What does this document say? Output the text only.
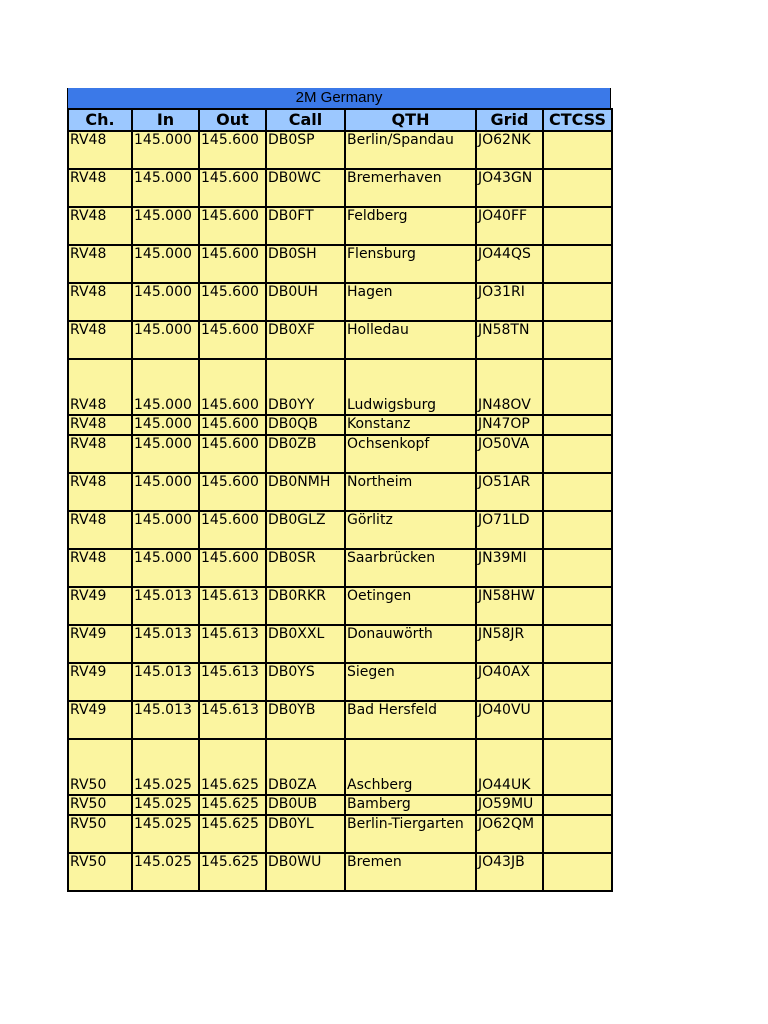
2M Germany
Ch.	In	Out	Call	QTH	Grid	CTCSS
RV48	145.000	145.600	DB0SP	Berlin/Spandau	JO62NK	
RV48	145.000	145.600	DB0WC	Bremerhaven	JO43GN	
RV48	145.000	145.600	DB0FT	Feldberg	JO40FF	
RV48	145.000	145.600	DB0SH	Flensburg	JO44QS	
RV48	145.000	145.600	DB0UH	Hagen	JO31RI	
RV48	145.000	145.600	DB0XF	Holledau	JN58TN	
RV48	145.000	145.600	DB0YY	Ludwigsburg	JN48OV	
RV48	145.000	145.600	DB0QB	Konstanz	JN47OP	
RV48	145.000	145.600	DB0ZB	Ochsenkopf	JO50VA	
RV48	145.000	145.600	DB0NMH	Northeim	JO51AR	
RV48	145.000	145.600	DB0GLZ	Görlitz	JO71LD	
RV48	145.000	145.600	DB0SR	Saarbrücken	JN39MI	
RV49	145.013	145.613	DB0RKR	Oetingen	JN58HW	
RV49	145.013	145.613	DB0XXL	Donauwörth	JN58JR	
RV49	145.013	145.613	DB0YS	Siegen	JO40AX	
RV49	145.013	145.613	DB0YB	Bad Hersfeld	JO40VU	
RV50	145.025	145.625	DB0ZA	Aschberg	JO44UK	
RV50	145.025	145.625	DB0UB	Bamberg	JO59MU	
RV50	145.025	145.625	DB0YL	Berlin-Tiergarten	JO62QM	
RV50	145.025	145.625	DB0WU	Bremen	JO43JB	
